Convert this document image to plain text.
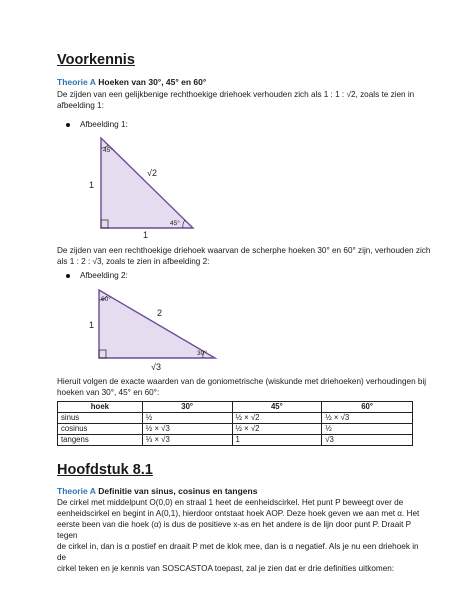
Voorkennis
Theorie A Hoeken van 30°, 45° en 60°
De zijden van een gelijkbenige rechthoekige driehoek verhouden zich als 1 : 1 : √2, zoals te zien in
afbeelding 1:
Afbeelding 1:
45°
45°
1
1
√2
De zijden van een rechthoekige driehoek waarvan de scherphe hoeken 30° en 60° zijn, verhouden zich
als 1 : 2 : √3, zoals te zien in afbeelding 2:
Afbeelding 2:
60°
30°
1
2
√3
Hieruit volgen de exacte waarden van de goniometrische (wiskunde met driehoeken) verhoudingen bij
hoeken van 30°, 45° en 60°:
hoek	30°	45°	60°
sinus	½	½ × √2	½ × √3
cosinus	½ × √3	½ × √2	½
tangens	⅓ × √3	1	√3
Hoofdstuk 8.1
Theorie A Definitie van sinus, cosinus en tangens
De cirkel met middelpunt O(0,0) en straal 1 heet de eenheidscirkel. Het punt P beweegt over de
eenheidscirkel en begint in A(0,1), hierdoor ontstaat hoek AOP. Deze hoek geven we aan met α. Het
eerste been van die hoek (α) is dus de positieve x-as en het andere is de lijn door punt P. Draait P tegen
de cirkel in, dan is α postief en draait P met de klok mee, dan is α negatief. Als je nu een driehoek in de
cirkel teken en je kennis van SOSCASTOA toepast, zal je zien dat er drie definities uitkomen:
